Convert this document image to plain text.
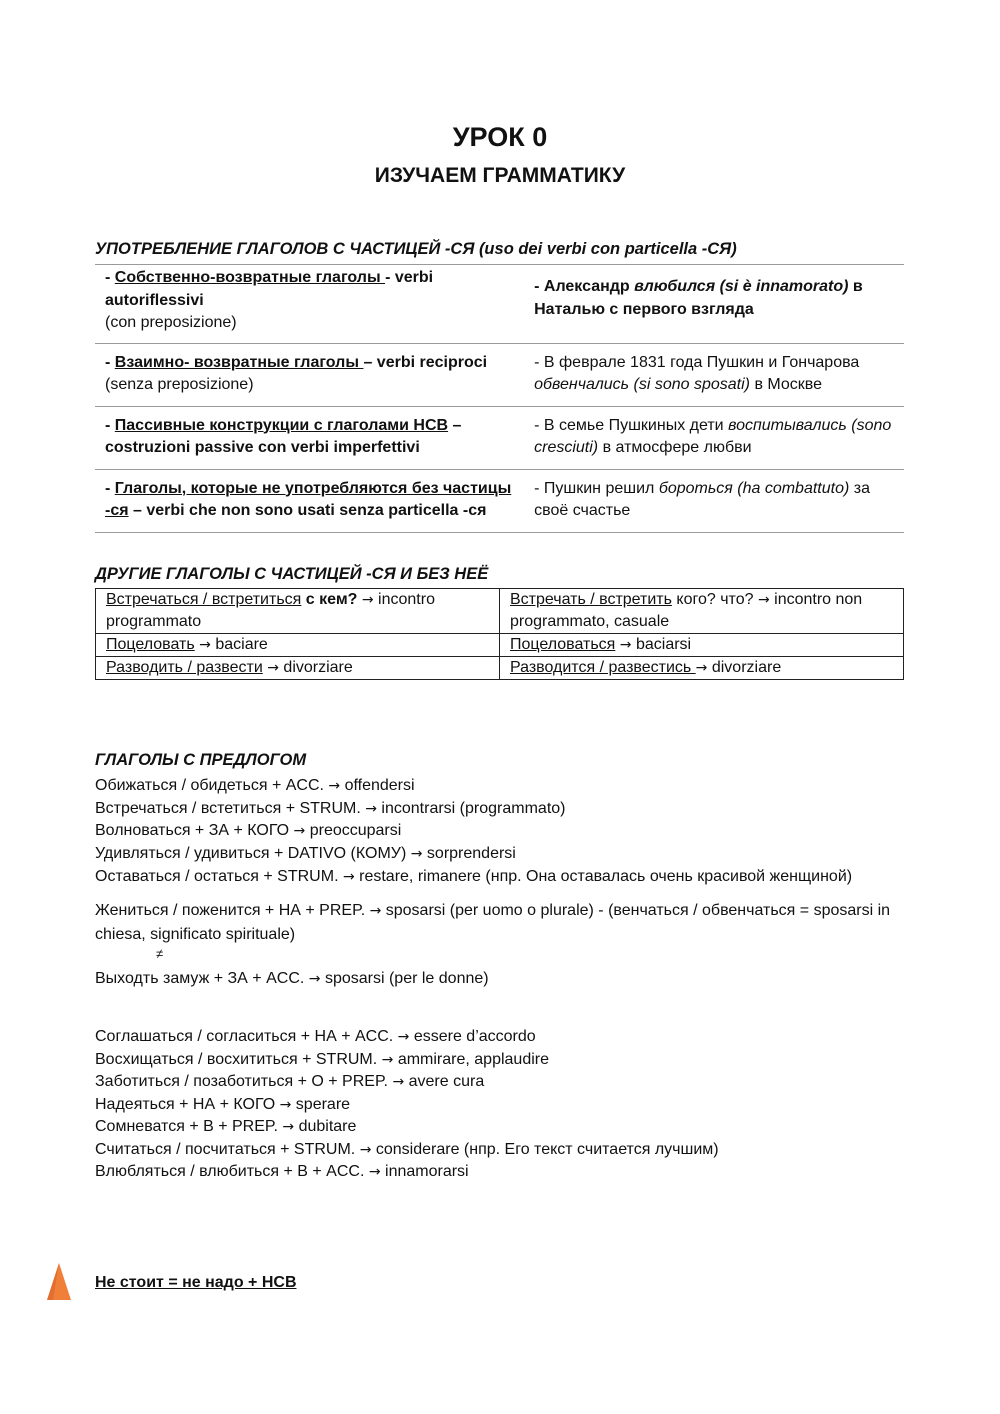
УРОК 0
ИЗУЧАЕМ ГРАММАТИКУ
УПОТРЕБЛЕНИЕ ГЛАГОЛОВ С ЧАСТИЦЕЙ -СЯ (uso dei verbi con particella -СЯ)
- Собственно-возвратные глаголы - verbi autoriflessivi
(con preposizione)	- Александр влюбился (si è innamorato) в Наталью с первого взгляда
- Взаимно- возвратные глаголы – verbi reciproci
(senza preposizione)	- В феврале 1831 года Пушкин и Гончарова обвенчались (si sono sposati) в Москве
- Пассивные конструкции с глаголами НСВ – costruzioni passive con verbi imperfettivi	- В семье Пушкиных дети воспитывались (sono cresciuti) в атмосфере любви
- Глаголы, которые не употребляются без частицы -ся – verbi che non sono usati senza particella -ся	- Пушкин решил бороться (ha combattuto) за своё счастье
ДРУГИЕ ГЛАГОЛЫ С ЧАСТИЦЕЙ -СЯ И БЕЗ НЕЁ
Встречаться / встретиться с кем? → incontro programmato	Встречать / встретить кого? что? → incontro non programmato, casuale
Поцеловать → baciare	Поцеловаться → baciarsi
Разводить / развести → divorziare	Разводится / развестись → divorziare
ГЛАГОЛЫ С ПРЕДЛОГОМ
Обижаться / обидеться + ACC. → offendersi
Встречаться / встетиться + STRUM. → incontrarsi (programmato)
Волноваться + ЗА + КОГО → preoccuparsi
Удивляться / удивиться + DATIVO (КОМУ) → sorprendersi
Оставаться / остаться + STRUM. → restare, rimanere (нпр. Она оставалась очень красивой женщиной)
Жениться / поженится + НА + PREP. → sposarsi (per uomo o plurale) - (венчаться / обвенчаться = sposarsi in chiesa, significato spirituale)
≠
Выходть замуж + ЗА + ACC. → sposarsi (per le donne)
Соглашаться / согласиться + НА + ACC. → essere d’accordo
Восхищаться / восхититься + STRUM. → ammirare, applaudire
Заботиться / позаботиться + О + PREP. → avere cura
Надеяться + НА + КОГО → sperare
Сомневатся + В + PREP. → dubitare
Считаться / посчитаться + STRUM. → considerare (нпр. Его текст считается лучшим)
Влюбляться / влюбиться + В + ACC. → innamorarsi
Не стоит = не надо + НСВ
